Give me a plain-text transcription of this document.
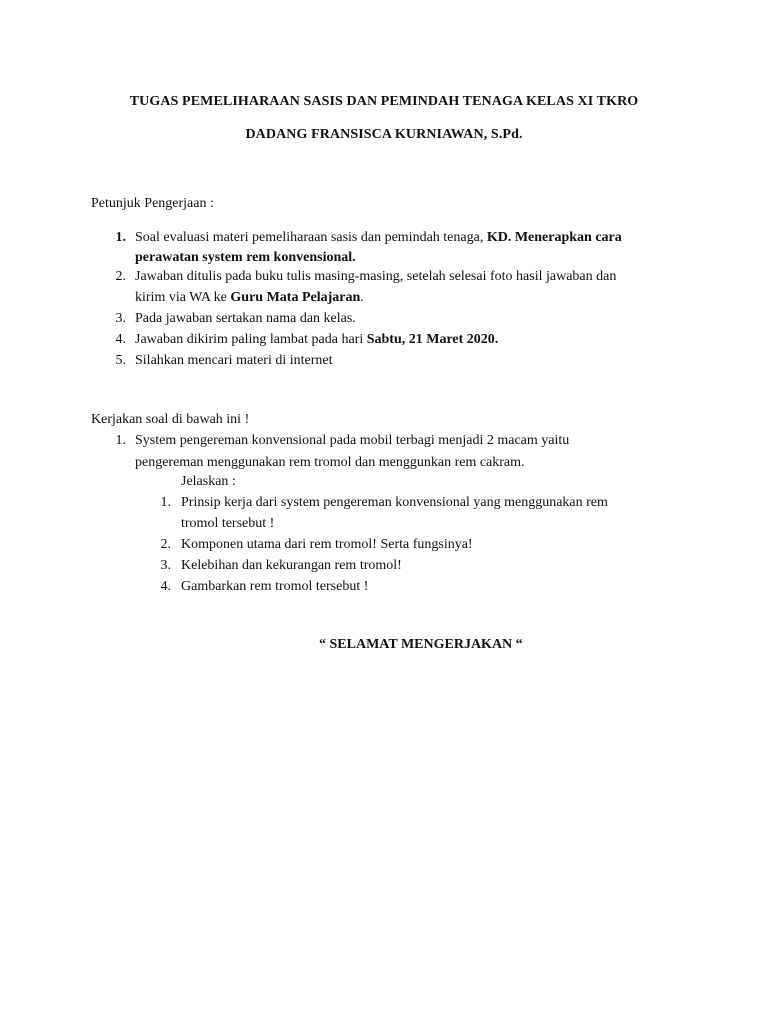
TUGAS PEMELIHARAAN SASIS DAN PEMINDAH TENAGA KELAS XI TKRO
DADANG FRANSISCA KURNIAWAN, S.Pd.
Petunjuk Pengerjaan :
1. Soal evaluasi materi pemeliharaan sasis dan pemindah tenaga, KD. Menerapkan cara
perawatan system rem konvensional.
2. Jawaban ditulis pada buku tulis masing-masing, setelah selesai foto hasil jawaban dan
kirim via WA ke Guru Mata Pelajaran.
3. Pada jawaban sertakan nama dan kelas.
4. Jawaban dikirim paling lambat pada hari Sabtu, 21 Maret 2020.
5. Silahkan mencari materi di internet
Kerjakan soal di bawah ini !
1. System pengereman konvensional pada mobil terbagi menjadi 2 macam yaitu
pengereman menggunakan rem tromol dan menggunkan rem cakram.
Jelaskan :
1. Prinsip kerja dari system pengereman konvensional yang menggunakan rem
tromol tersebut !
2. Komponen utama dari rem tromol! Serta fungsinya!
3. Kelebihan dan kekurangan rem tromol!
4. Gambarkan rem tromol tersebut !
“ SELAMAT MENGERJAKAN “
